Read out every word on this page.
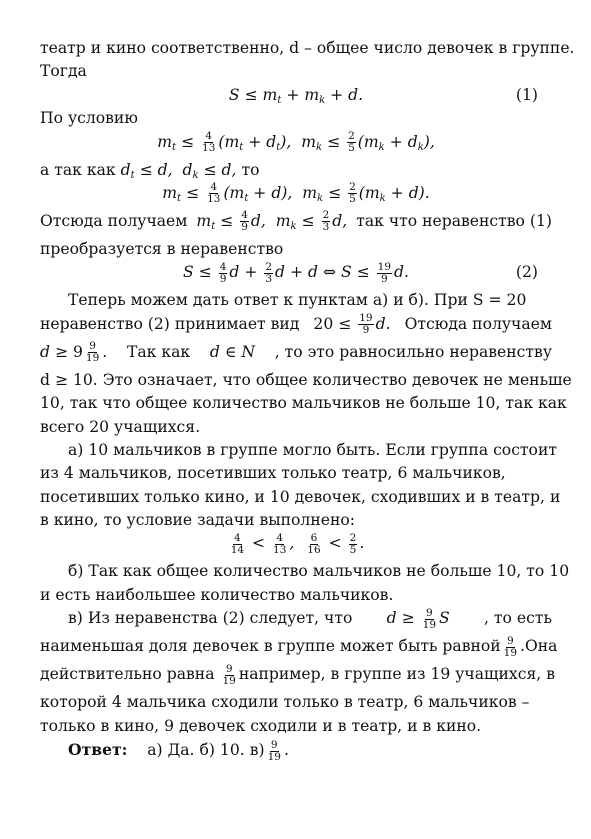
театр и кино соответственно, d – общее число девочек в группе.
Тогда
$S \le m_t + m_k + d$.	(1)
По условию
$m_t \le \frac{4}{13} (m_t + d_t)$,  $m_k \le \frac{2}{5} (m_k + d_k)$,
а так как
$d_t \le d$,  $d_k \le d$,
то
$m_t \le \frac{4}{13} (m_t + d)$,  $m_k \le \frac{2}{5} (m_k + d)$.
Отсюда получаем $m_t \le \frac{4}{9} d$,  $m_k \le \frac{2}{3} d$, так что неравенство (1)
преобразуется в неравенство
$S \le \frac{4}{9}$ $d + \frac{2}{3}$ d + d ⇔ $S \le \frac{19}{9} d$.	(2)
Теперь можем дать ответ к пунктам а) и б). При S = 20
неравенство (2) принимает вид $20 \le \frac{19}{9} d$. Отсюда получаем
$d \ge 9 \frac{9}{19}$ . Так как d ∈ N , то это равносильно неравенству
d ≥ 10. Это означает, что общее количество девочек не меньше
10, так что общее количество мальчиков не больше 10, так как
всего 20 учащихся.
а) 10 мальчиков в группе могло быть. Если группа состоит
из 4 мальчиков, посетивших только театр, 6 мальчиков,
посетивших только кино, и 10 девочек, сходивших и в театр, и
в кино, то условие задачи выполнено:
$\frac{4}{14} < \frac{4}{13}$ , $\frac{6}{16} < \frac{2}{5}$ .
б) Так как общее количество мальчиков не больше 10, то 10
и есть наибольшее количество мальчиков.
в) Из неравенства (2) следует, что $d \ge \frac{9}{19}$ S , то есть
наименьшая доля девочек в группе может быть равной $\frac{9}{19}$ . Она
действительно равна
$\frac{9}{19}$ например, в группе из 19 учащихся, в
которой 4 мальчика сходили только в театр, 6 мальчиков –
только в кино, 9 девочек сходили и в театр, и в кино.
Ответ:
а) Да.
б) 10.
$в) \frac{9}{19}$ .
